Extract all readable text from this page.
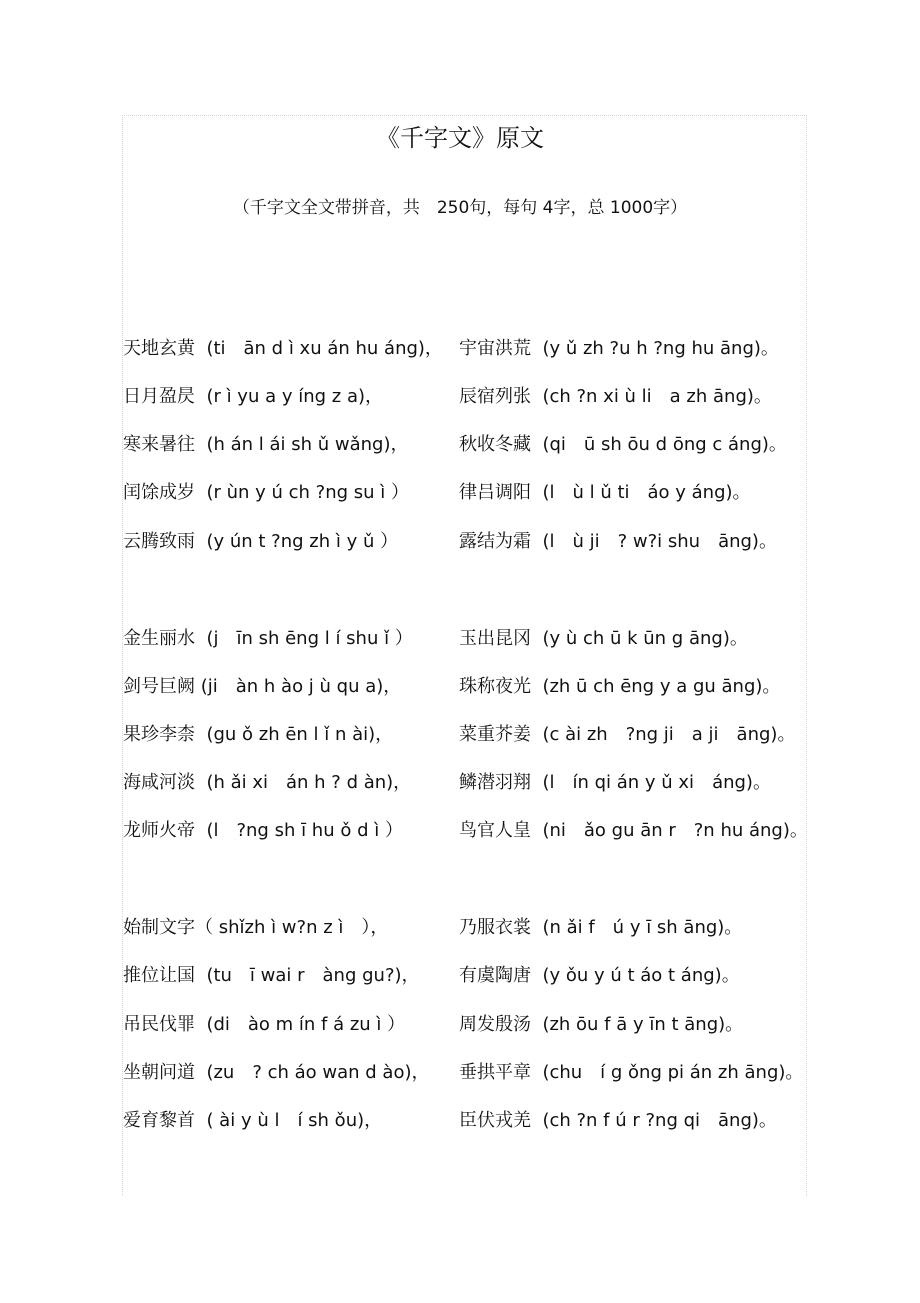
《千字文》原文
（千字文全文带拼音，共　250句，每句 4字，总 1000字）
天地玄黄  (ti　ān d ì xu án hu áng)， 宇宙洪荒  (y ǔ zh ?u h ?ng hu āng)。
日月盈昃  (r ì yu a y íng z a)，	辰宿列张  (ch ?n xi ù li　a zh āng)。
寒来暑往  (h án l ái sh ǔ wǎng)，	秋收冬藏  (qi　ū sh ōu d ōng c áng)。
闰馀成岁  (r ùn y ú ch ?ng su ì ）	律吕调阳  (l　ù l ǔ ti　áo y áng)。
云腾致雨  (y ún t ?ng zh ì y ǔ ）	露结为霜  (l　ù ji　? w?i shu　āng)。
金生丽水  (j　īn sh ēng l í shu ǐ ）	玉出昆冈  (y ù ch ū k ūn g āng)。
剑号巨阙 (ji　àn h ào j ù qu a)，	珠称夜光  (zh ū ch ēng y a gu āng)。
果珍李柰  (gu ǒ zh ēn l ǐ n ài)，	菜重芥姜  (c ài zh　?ng ji　a ji　āng)。
海咸河淡  (h ǎi xi　án h ? d àn)，	鳞潜羽翔  (l　ín qi án y ǔ xi　áng)。
龙师火帝  (l　?ng sh ī hu ǒ d ì ）	鸟官人皇  (ni　ǎo gu ān r　?n hu áng)。
始制文字（ shǐzh ì w?n z ì　），	乃服衣裳  (n ǎi f　ú y ī sh āng)。
推位让国  (tu　ī wai r　àng gu?)， 有虞陶唐  (y ǒu y ú t áo t áng)。
吊民伐罪  (di　ào m ín f á zu ì ）	周发殷汤  (zh ōu f ā y īn t āng)。
坐朝问道  (zu　? ch áo wan d ào)， 垂拱平章  (chu　í g ǒng pi án zh āng)。
爱育黎首  ( ài y ù l　í sh ǒu)，	臣伏戎羌  (ch ?n f ú r ?ng qi　āng)。
